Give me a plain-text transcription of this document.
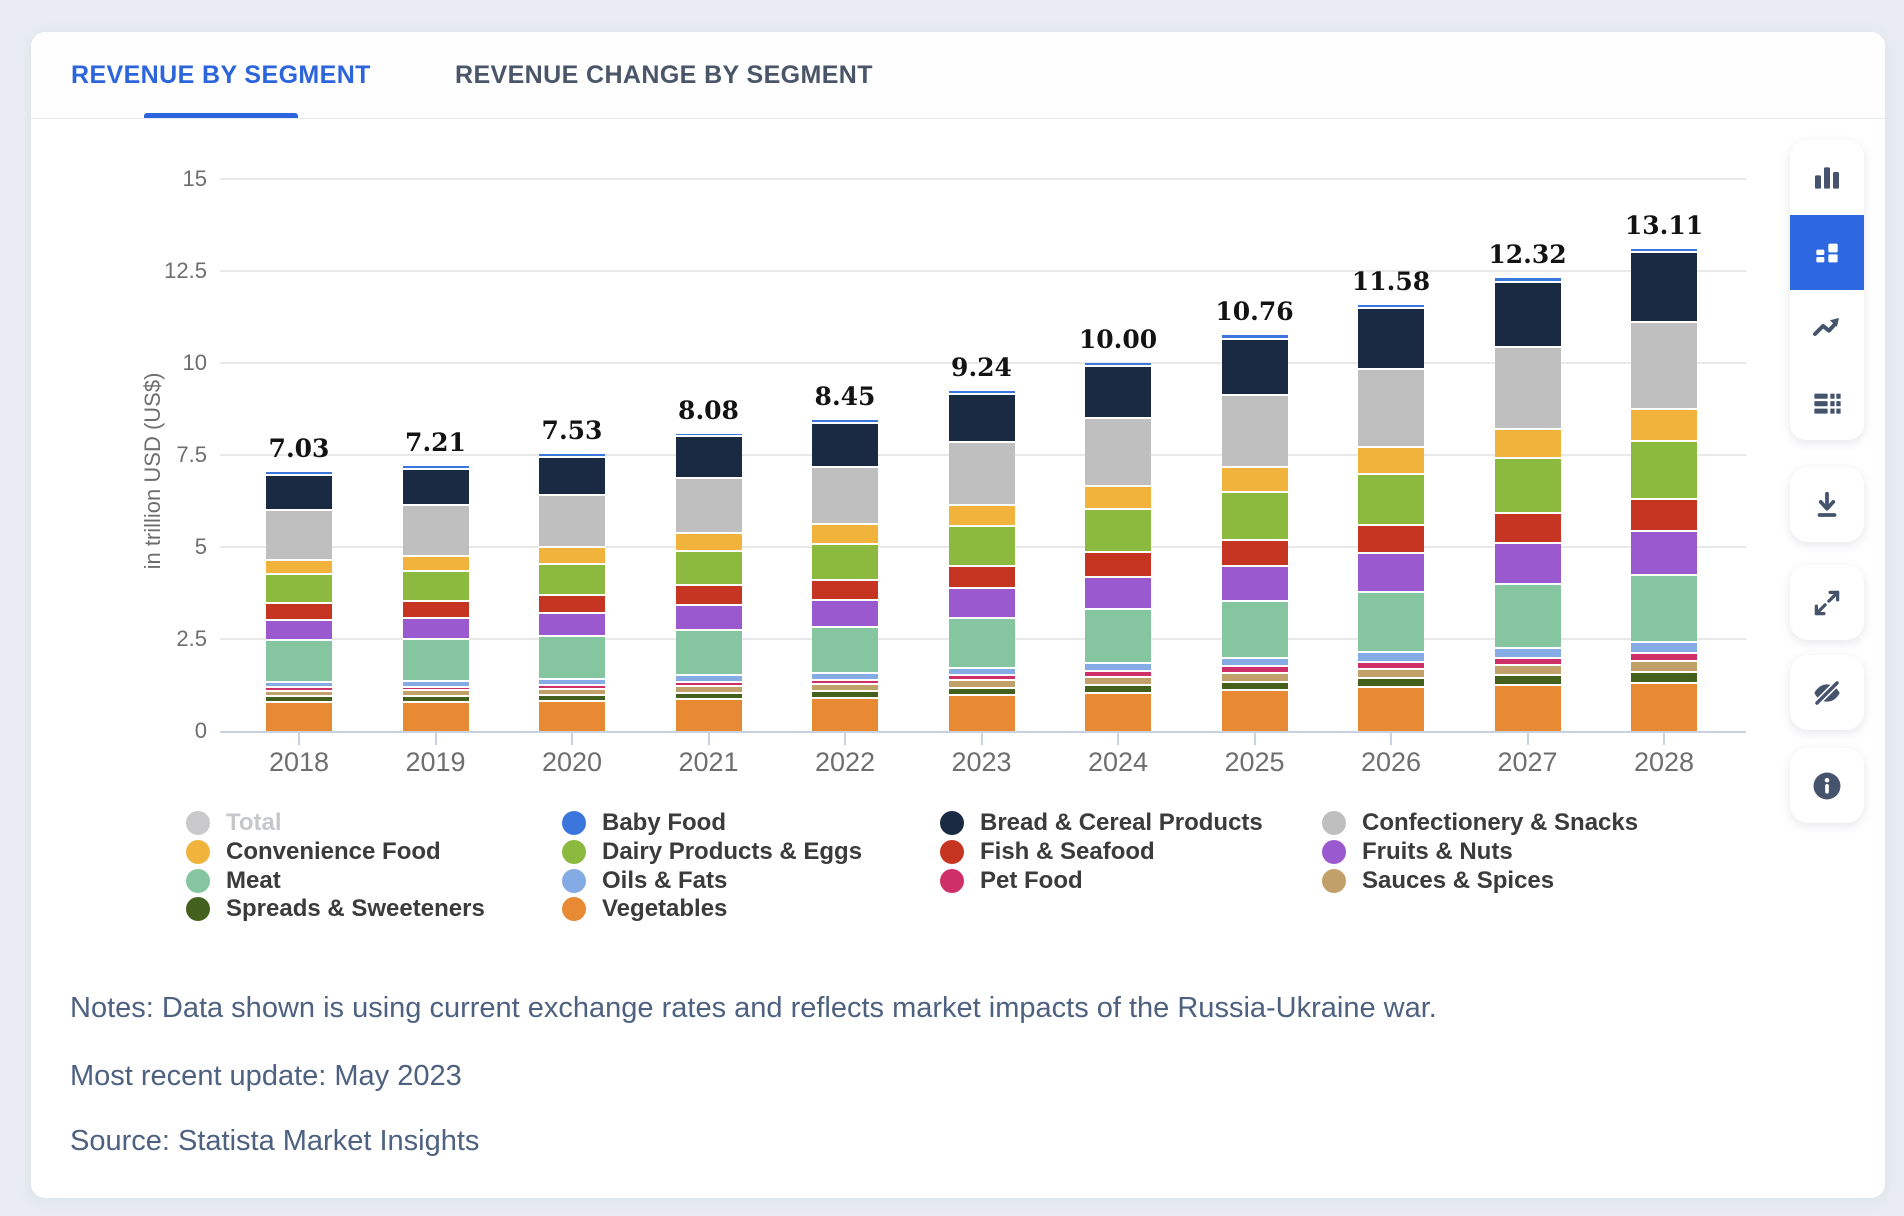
REVENUE BY SEGMENT	REVENUE CHANGE BY SEGMENT
in trillion USD (US$)
0
2.5
5
7.5
10
12.5
15
7.03
2018
7.21
2019
7.53
2020
8.08
2021
8.45
2022
9.24
2023
10.00
2024
10.76
2025
11.58
2026
12.32
2027
13.11
2028
Total
Convenience Food
Meat
Spreads & Sweeteners
Baby Food
Dairy Products & Eggs
Oils & Fats
Vegetables
Bread & Cereal Products
Fish & Seafood
Pet Food
Confectionery & Snacks
Fruits & Nuts
Sauces & Spices
Notes: Data shown is using current exchange rates and reflects market impacts of the Russia-Ukraine war.
Most recent update: May 2023
Source: Statista Market Insights
